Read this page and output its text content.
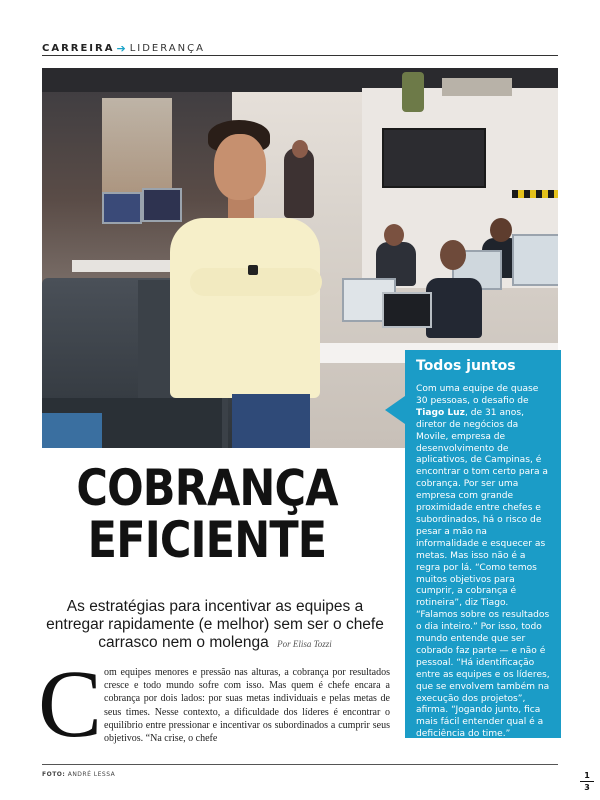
CARREIRA ➔ LIDERANÇA
COBRANÇA
EFICIENTE
As estratégias para incentivar as equipes a entregar rapidamente (e melhor) sem ser o chefe carrasco nem o molenga Por Elisa Tozzi
C om equipes menores e pressão nas alturas, a cobrança por resultados cresce e todo mundo sofre com isso. Mas quem é chefe encara a cobrança por dois lados: por suas metas individuais e pelas metas de seus times. Nesse contexto, a dificuldade dos líderes é encontrar o equilíbrio entre pressionar e incentivar os subordinados a cumprir seus objetivos. “Na crise, o chefe
Todos juntos
Com uma equipe de quase 30 pessoas, o desafio de Tiago Luz, de 31 anos, diretor de negócios da Movile, empresa de desenvolvimento de aplicativos, de Campinas, é encontrar o tom certo para a cobrança. Por ser uma empresa com grande proximidade entre chefes e subordinados, há o risco de pesar a mão na informalidade e esquecer as metas. Mas isso não é a regra por lá. “Como temos muitos objetivos para cumprir, a cobrança é rotineira”, diz Tiago. “Falamos sobre os resultados o dia inteiro.” Por isso, todo mundo entende que ser cobrado faz parte — e não é pessoal. “Há identificação entre as equipes e os líderes, que se envolvem também na execução dos projetos”, afirma. “Jogando junto, fica mais fácil entender qual é a deficiência do time.”
FOTO: ANDRÉ LESSA	1
3
